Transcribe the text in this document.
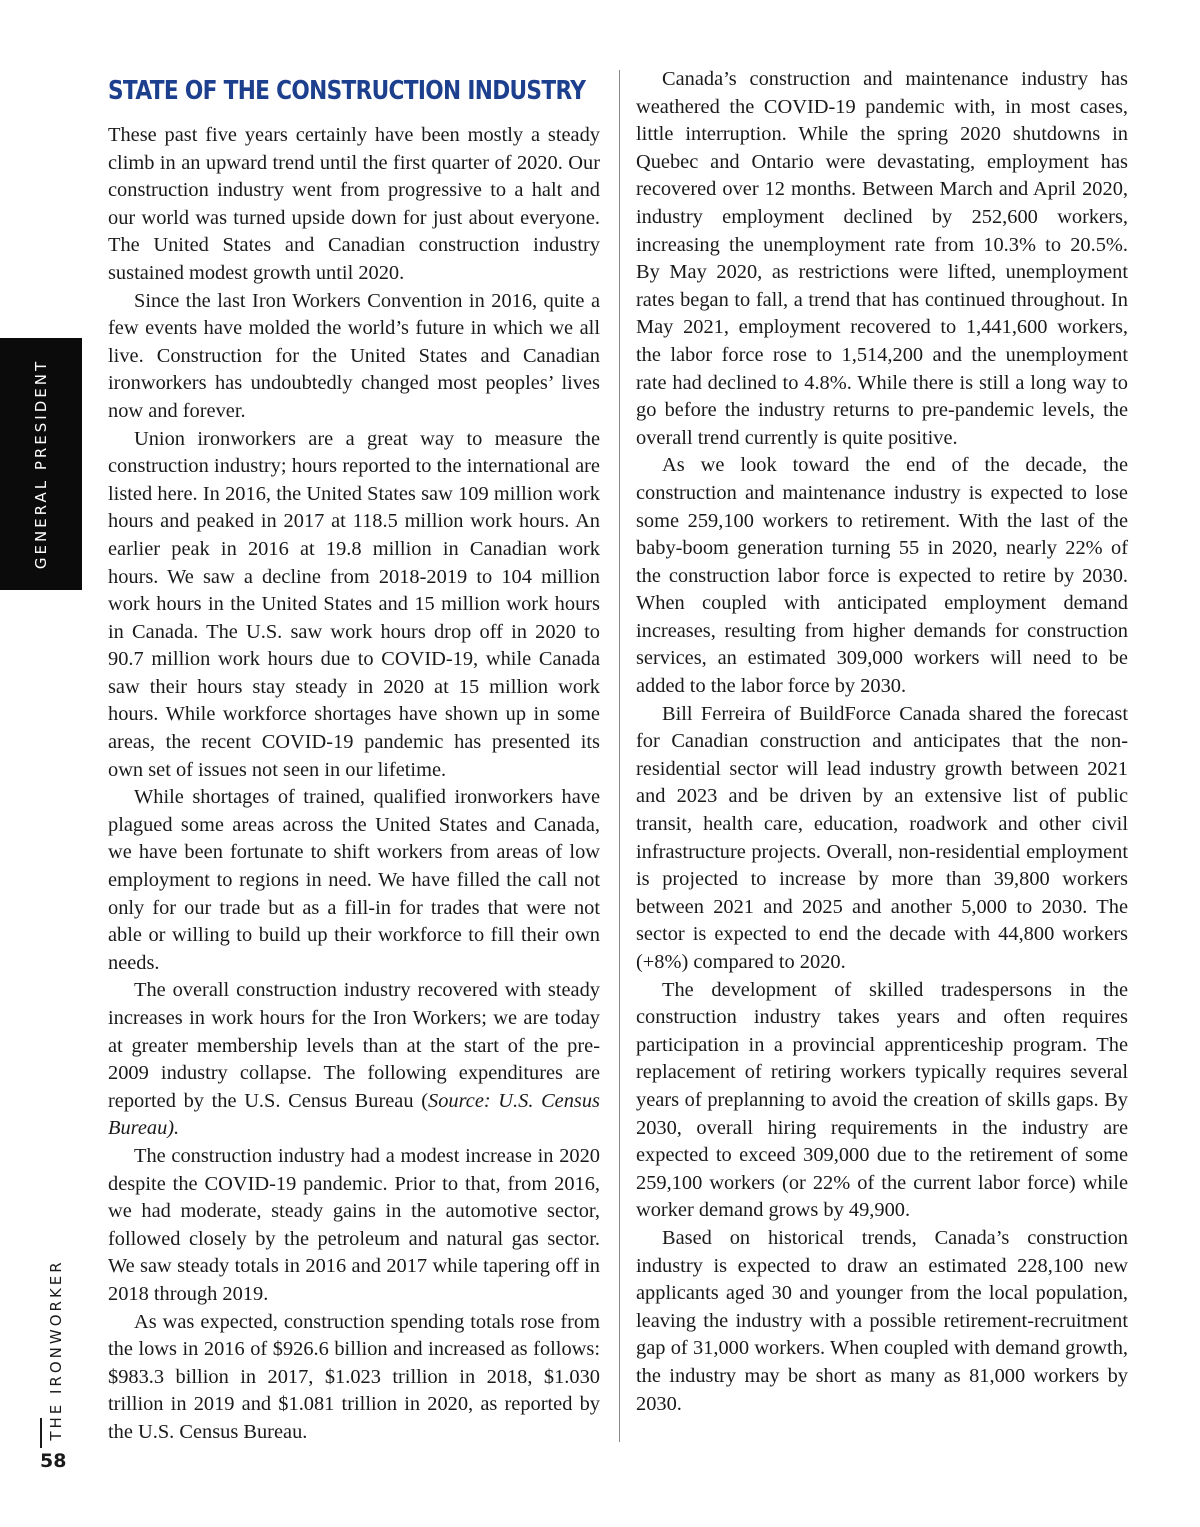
GENERAL PRESIDENT
THE IRONWORKER
58
STATE OF THE CONSTRUCTION INDUSTRY

These past five years certainly have been mostly a steady climb in an upward trend until the first quarter of 2020. Our construction industry went from progressive to a halt and our world was turned upside down for just about everyone. The United States and Canadian construction industry sustained modest growth until 2020.

Since the last Iron Workers Convention in 2016, quite a few events have molded the world’s future in which we all live. Construction for the United States and Canadian ironworkers has undoubtedly changed most peoples’ lives now and forever.

Union ironworkers are a great way to measure the construction industry; hours reported to the international are listed here. In 2016, the United States saw 109 million work hours and peaked in 2017 at 118.5 million work hours. An earlier peak in 2016 at 19.8 million in Canadian work hours. We saw a decline from 2018-2019 to 104 million work hours in the United States and 15 million work hours in Canada. The U.S. saw work hours drop off in 2020 to 90.7 million work hours due to COVID-19, while Canada saw their hours stay steady in 2020 at 15 million work hours. While workforce shortages have shown up in some areas, the recent COVID-19 pandemic has presented its own set of issues not seen in our lifetime.

While shortages of trained, qualified ironworkers have plagued some areas across the United States and Canada, we have been fortunate to shift workers from areas of low employment to regions in need. We have filled the call not only for our trade but as a fill-in for trades that were not able or willing to build up their workforce to fill their own needs.

The overall construction industry recovered with steady increases in work hours for the Iron Workers; we are today at greater membership levels than at the start of the pre-2009 industry collapse. The following expenditures are reported by the U.S. Census Bureau (Source: U.S. Census Bureau).

The construction industry had a modest increase in 2020 despite the COVID-19 pandemic. Prior to that, from 2016, we had moderate, steady gains in the automotive sector, followed closely by the petroleum and natural gas sector. We saw steady totals in 2016 and 2017 while tapering off in 2018 through 2019.

As was expected, construction spending totals rose from the lows in 2016 of $926.6 billion and increased as follows: $983.3 billion in 2017, $1.023 trillion in 2018, $1.030 trillion in 2019 and $1.081 trillion in 2020, as reported by the U.S. Census Bureau.

Canada’s construction and maintenance industry has weathered the COVID-19 pandemic with, in most cases, little interruption. While the spring 2020 shutdowns in Quebec and Ontario were devastating, employment has recovered over 12 months. Between March and April 2020, industry employment declined by 252,600 workers, increasing the unemployment rate from 10.3% to 20.5%. By May 2020, as restrictions were lifted, unemployment rates began to fall, a trend that has continued throughout. In May 2021, employment recovered to 1,441,600 workers, the labor force rose to 1,514,200 and the unemployment rate had declined to 4.8%. While there is still a long way to go before the industry returns to pre-pandemic levels, the overall trend currently is quite positive.

As we look toward the end of the decade, the construction and maintenance industry is expected to lose some 259,100 workers to retirement. With the last of the baby-boom generation turning 55 in 2020, nearly 22% of the construction labor force is expected to retire by 2030. When coupled with anticipated employment demand increases, resulting from higher demands for construction services, an estimated 309,000 workers will need to be added to the labor force by 2030.

Bill Ferreira of BuildForce Canada shared the forecast for Canadian construction and anticipates that the non-residential sector will lead industry growth between 2021 and 2023 and be driven by an extensive list of public transit, health care, education, roadwork and other civil infrastructure projects. Overall, non-residential employment is projected to increase by more than 39,800 workers between 2021 and 2025 and another 5,000 to 2030. The sector is expected to end the decade with 44,800 workers (+8%) compared to 2020.

The development of skilled tradespersons in the construction industry takes years and often requires participation in a provincial apprenticeship program. The replacement of retiring workers typically requires several years of preplanning to avoid the creation of skills gaps. By 2030, overall hiring requirements in the industry are expected to exceed 309,000 due to the retirement of some 259,100 workers (or 22% of the current labor force) while worker demand grows by 49,900.

Based on historical trends, Canada’s construction industry is expected to draw an estimated 228,100 new applicants aged 30 and younger from the local population, leaving the industry with a possible retirement-recruitment gap of 31,000 workers. When coupled with demand growth, the industry may be short as many as 81,000 workers by 2030.
